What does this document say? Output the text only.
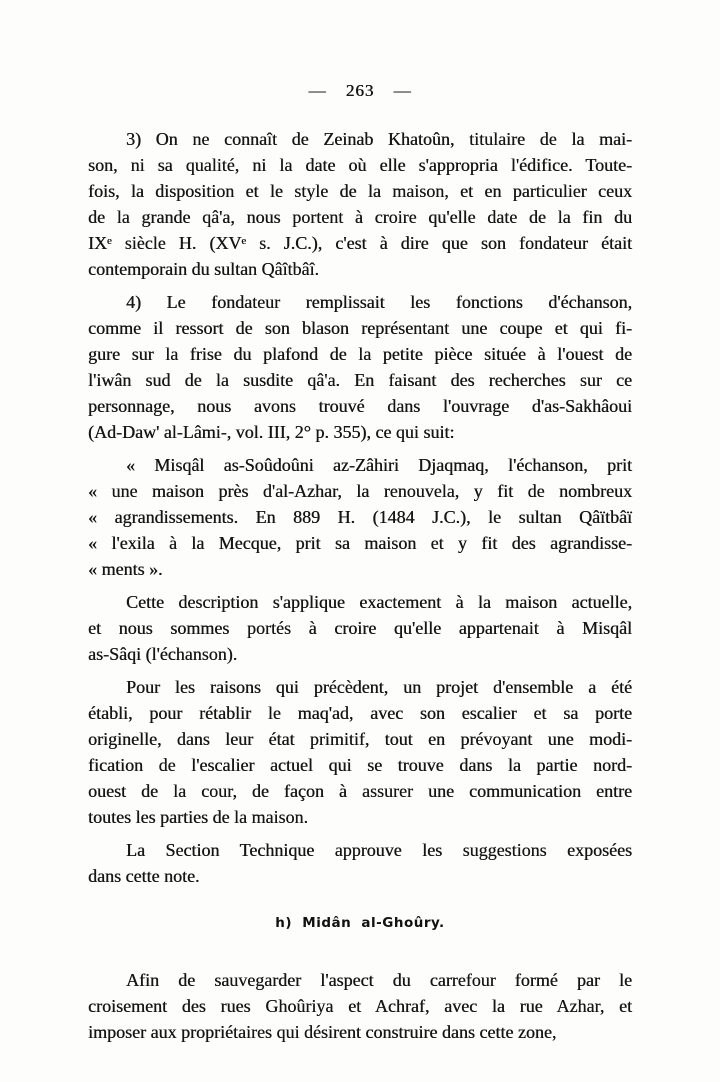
— 263 —

3) On ne connaît de Zeinab Khatoûn, titulaire de la mai-
son, ni sa qualité, ni la date où elle s'appropria l'édifice. Toute-
fois, la disposition et le style de la maison, et en particulier ceux
de la grande qâ'a, nous portent à croire qu'elle date de la fin du
IXᵉ siècle H. (XVᵉ s. J.C.), c'est à dire que son fondateur était
contemporain du sultan Qâîtbâî.

4) Le fondateur remplissait les fonctions d'échanson,
comme il ressort de son blason représentant une coupe et qui fi-
gure sur la frise du plafond de la petite pièce située à l'ouest de
l'iwân sud de la susdite qâ'a. En faisant des recherches sur ce
personnage, nous avons trouvé dans l'ouvrage d'as-Sakhâoui
(Ad-Daw' al-Lâmi-, vol. III, 2° p. 355), ce qui suit:

« Misqâl as-Soûdoûni az-Zâhiri Djaqmaq, l'échanson, prit
« une maison près d'al-Azhar, la renouvela, y fit de nombreux
« agrandissements. En 889 H. (1484 J.C.), le sultan Qâïtbâï
« l'exila à la Mecque, prit sa maison et y fit des agrandisse-
« ments ».

Cette description s'applique exactement à la maison actuelle,
et nous sommes portés à croire qu'elle appartenait à Misqâl
as-Sâqi (l'échanson).

Pour les raisons qui précèdent, un projet d'ensemble a été
établi, pour rétablir le maq'ad, avec son escalier et sa porte
originelle, dans leur état primitif, tout en prévoyant une modi-
fication de l'escalier actuel qui se trouve dans la partie nord-
ouest de la cour, de façon à assurer une communication entre
toutes les parties de la maison.

La Section Technique approuve les suggestions exposées
dans cette note.

h) Midân al-Ghoûry.

Afin de sauvegarder l'aspect du carrefour formé par le
croisement des rues Ghoûriya et Achraf, avec la rue Azhar, et
imposer aux propriétaires qui désirent construire dans cette zone,
